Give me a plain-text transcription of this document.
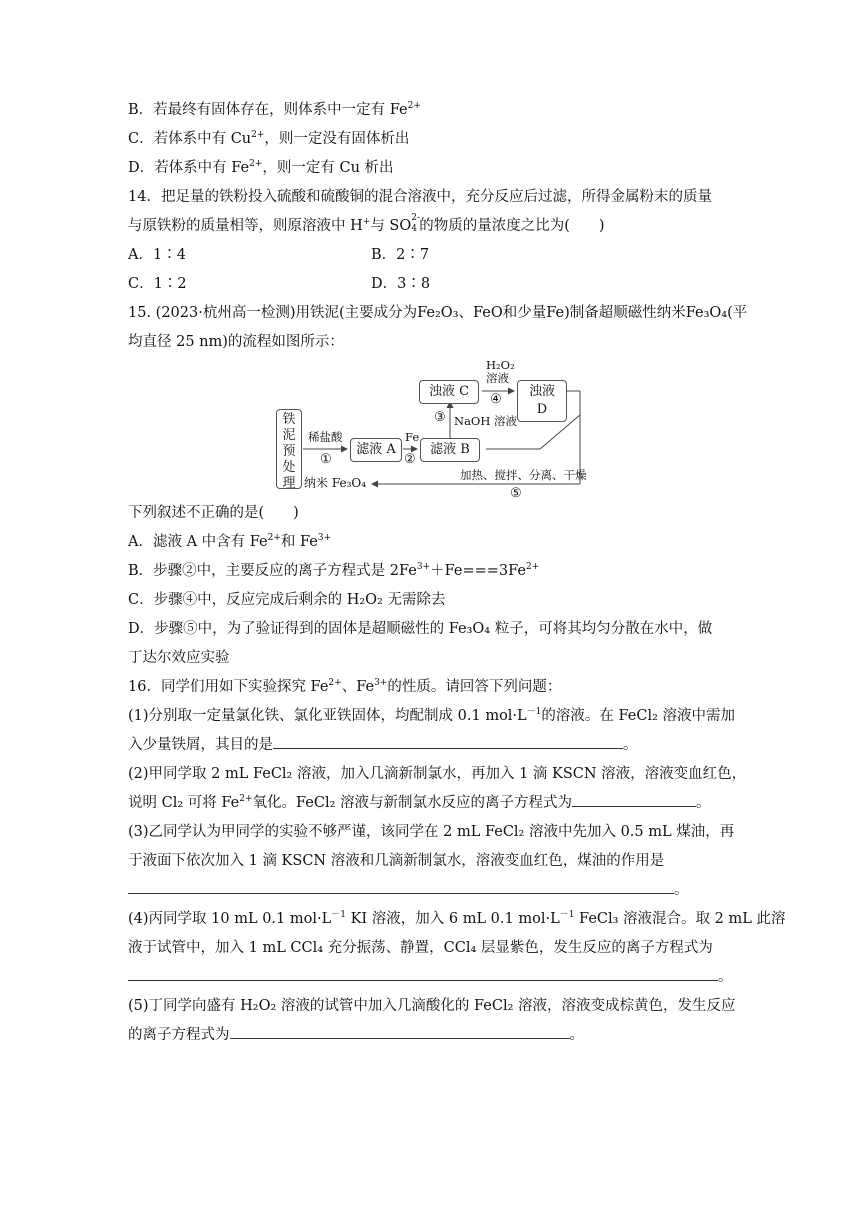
B．若最终有固体存在，则体系中一定有 $Fe^{2+}$
C．若体系中有 $Cu^{2+}$，则一定没有固体析出
D．若体系中有 $Fe^{2+}$，则一定有 Cu 析出
14．把足量的铁粉投入硫酸和硫酸铜的混合溶液中，充分反应后过滤，所得金属粉末的质量
与原铁粉的质量相等，则原溶液中 H+与 SO 2-
4 的物质的量浓度之比为(　　)
A．1∶4	B．2∶7
C．1∶2	D．3∶8
15. (2023·杭州高一检测)用铁泥(主要成分为Fe₂O₃、FeO和少量Fe)制备超顺磁性纳米Fe₃O₄(平
均直径 25 nm)的流程如图所示：
铁泥预处理
稀盐酸
①
滤液 A
Fe
②
滤液 B
③ NaOH 溶液
浊液 C
H₂O₂
溶液
④
浊液 D
加热、搅拌、分离、干燥
⑤
纳米 Fe₃O₄
下列叙述不正确的是(　　)
A．滤液 A 中含有 $Fe^{2+}$和 $Fe^{3+}$
B．步骤②中，主要反应的离子方程式是 $2Fe^{3+}+Fe===3Fe^{2+}$
C．步骤④中，反应完成后剩余的 H₂O₂ 无需除去
D．步骤⑤中，为了验证得到的固体是超顺磁性的 Fe₃O₄ 粒子，可将其均匀分散在水中，做
丁达尔效应实验
16．同学们用如下实验探究 $Fe^{2+}$、$Fe^{3+}$的性质。请回答下列问题：
(1)分别取一定量氯化铁、氯化亚铁固体，均配制成 0.1 $mol\cdot L^{-1}$的溶液。在 FeCl₂ 溶液中需加
入少量铁屑，其目的是	。
(2)甲同学取 2 mL FeCl₂ 溶液，加入几滴新制氯水，再加入 1 滴 KSCN 溶液，溶液变血红色，
说明 Cl₂ 可将 $Fe^{2+}$氧化。FeCl₂ 溶液与新制氯水反应的离子方程式为	。
(3)乙同学认为甲同学的实验不够严谨，该同学在 2 mL FeCl₂ 溶液中先加入 0.5 mL 煤油，再
于液面下依次加入 1 滴 KSCN 溶液和几滴新制氯水，溶液变血红色，煤油的作用是
。
(4)丙同学取 10 mL 0.1 $mol\cdot L^{-1}$ KI 溶液，加入 6 mL 0.1 $mol\cdot L^{-1}$ FeCl₃ 溶液混合。取 2 mL 此溶
液于试管中，加入 1 mL CCl₄ 充分振荡、静置，CCl₄ 层显紫色，发生反应的离子方程式为
。
(5)丁同学向盛有 H₂O₂ 溶液的试管中加入几滴酸化的 FeCl₂ 溶液，溶液变成棕黄色，发生反应
的离子方程式为	。
